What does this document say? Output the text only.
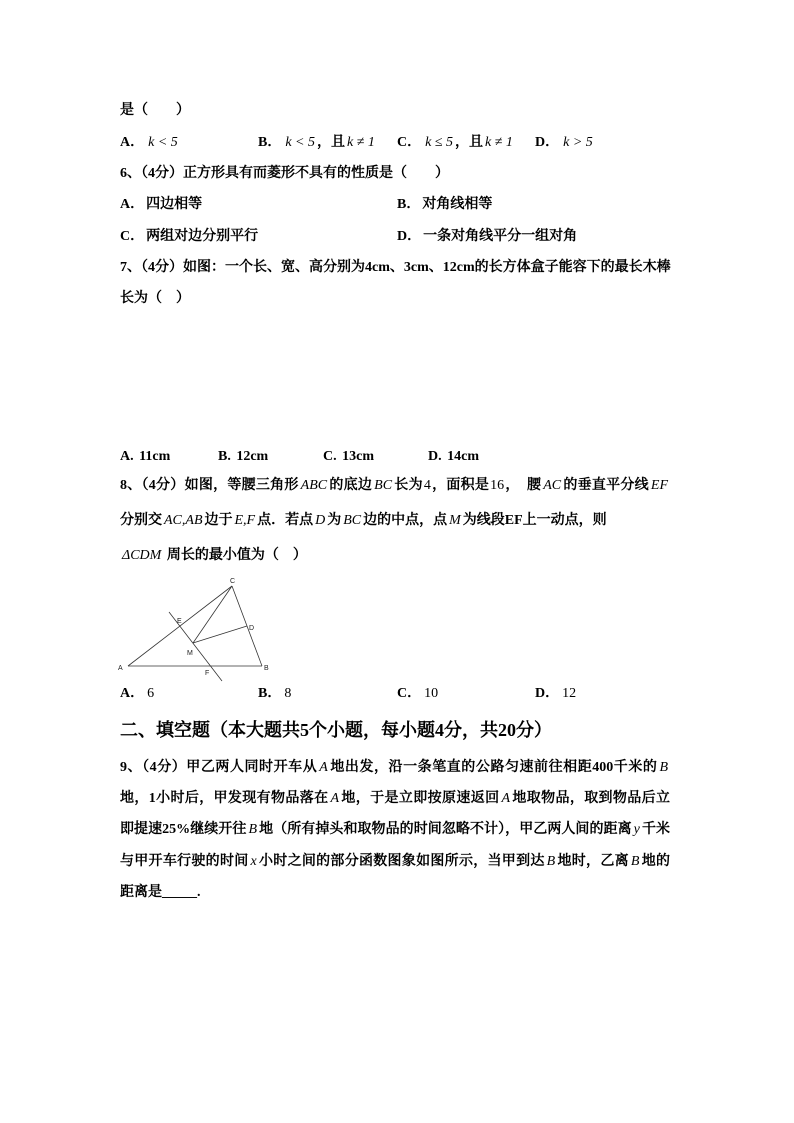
是（　　）
A． k < 5	B． k < 5 ，且 k ≠ 1 C． k ≤ 5 ，且 k ≠ 1 D． k > 5
6、（4分）正方形具有而菱形不具有的性质是（　　）
A． 四边相等	B． 对角线相等
C． 两组对边分别平行	D． 一条对角线平分一组对角
7、（4分）如图：一个长、宽、高分别为4cm、3cm、12cm的长方体盒子能容下的最长木棒
长为（　）
A. 11cm	B. 12cm	C. 13cm	D. 14cm
8、（4分）如图，等腰三角形 ABC 的底边 BC 长为4，面积是16，　腰 AC 的垂直平分线 EF
分别交 AC,AB 边于 E,F 点．若点 D 为 BC 边的中点，点 M 为线段EF上一动点，则
ΔCDM 周长的最小值为（　）
C
A	B
D
E
F
M
A． 6	B． 8	C． 10	D． 12
二、填空题（本大题共5个小题，每小题4分，共20分）
9、（4分）甲乙两人同时开车从 A 地出发，沿一条笔直的公路匀速前往相距400千米的 B
地，1小时后，甲发现有物品落在 A 地，于是立即按原速返回 A 地取物品，取到物品后立
即提速25%继续开往 B 地（所有掉头和取物品的时间忽略不计），甲乙两人间的距离 y 千米
与甲开车行驶的时间 x 小时之间的部分函数图象如图所示，当甲到达 B 地时，乙离 B 地的
距离是_____.
